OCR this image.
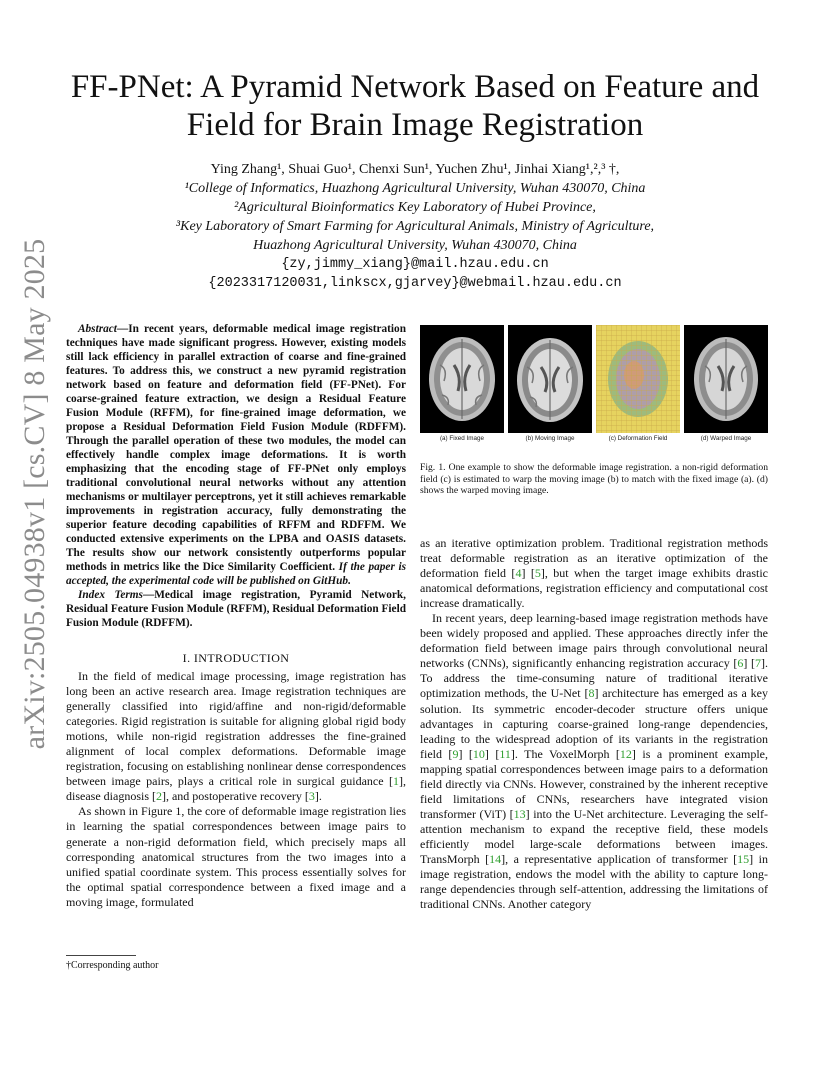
arXiv:2505.04938v1 [cs.CV] 8 May 2025
FF-PNet: A Pyramid Network Based on Feature and Field for Brain Image Registration
Ying Zhang¹, Shuai Guo¹, Chenxi Sun¹, Yuchen Zhu¹, Jinhai Xiang¹,²,³ †,
¹College of Informatics, Huazhong Agricultural University, Wuhan 430070, China
²Agricultural Bioinformatics Key Laboratory of Hubei Province,
³Key Laboratory of Smart Farming for Agricultural Animals, Ministry of Agriculture,
Huazhong Agricultural University, Wuhan 430070, China
{zy,jimmy_xiang}@mail.hzau.edu.cn
{2023317120031,linkscx,gjarvey}@webmail.hzau.edu.cn

Abstract—In recent years, deformable medical image registration techniques have made significant progress. However, existing models still lack efficiency in parallel extraction of coarse and fine-grained features. To address this, we construct a new pyramid registration network based on feature and deformation field (FF-PNet). For coarse-grained feature extraction, we design a Residual Feature Fusion Module (RFFM), for fine-grained image deformation, we propose a Residual Deformation Field Fusion Module (RDFFM). Through the parallel operation of these two modules, the model can effectively handle complex image deformations. It is worth emphasizing that the encoding stage of FF-PNet only employs traditional convolutional neural networks without any attention mechanisms or multilayer perceptrons, yet it still achieves remarkable improvements in registration accuracy, fully demonstrating the superior feature decoding capabilities of RFFM and RDFFM. We conducted extensive experiments on the LPBA and OASIS datasets. The results show our network consistently outperforms popular methods in metrics like the Dice Similarity Coefficient. If the paper is accepted, the experimental code will be published on GitHub.

Index Terms—Medical image registration, Pyramid Network, Residual Feature Fusion Module (RFFM), Residual Deformation Field Fusion Module (RDFFM).

I. INTRODUCTION

In the field of medical image processing, image registration has long been an active research area. Image registration techniques are generally classified into rigid/affine and non-rigid/deformable categories. Rigid registration is suitable for aligning global rigid body motions, while non-rigid registration addresses the fine-grained alignment of local complex deformations. Deformable image registration, focusing on establishing nonlinear dense correspondences between image pairs, plays a critical role in surgical guidance [1], disease diagnosis [2], and postoperative recovery [3].

As shown in Figure 1, the core of deformable image registration lies in learning the spatial correspondences between image pairs to generate a non-rigid deformation field, which precisely maps all corresponding anatomical structures from the two images into a unified spatial coordinate system. This process essentially solves for the optimal spatial correspondence between a fixed image and a moving image, formulated

†Corresponding author
(a) Fixed Image	(b) Moving Image	(c) Deformation Field	(d) Warped Image
Fig. 1. One example to show the deformable image registration. a non-rigid deformation field (c) is estimated to warp the moving image (b) to match with the fixed image (a). (d) shows the warped moving image.

as an iterative optimization problem. Traditional registration methods treat deformable registration as an iterative optimization of the deformation field [4] [5], but when the target image exhibits drastic anatomical deformations, registration efficiency and computational cost increase dramatically.

In recent years, deep learning-based image registration methods have been widely proposed and applied. These approaches directly infer the deformation field between image pairs through convolutional neural networks (CNNs), significantly enhancing registration accuracy [6] [7]. To address the time-consuming nature of traditional iterative optimization methods, the U-Net [8] architecture has emerged as a key solution. Its symmetric encoder-decoder structure offers unique advantages in capturing coarse-grained long-range dependencies, leading to the widespread adoption of its variants in the registration field [9] [10] [11]. The VoxelMorph [12] is a prominent example, mapping spatial correspondences between image pairs to a deformation field directly via CNNs. However, constrained by the inherent receptive field limitations of CNNs, researchers have integrated vision transformer (ViT) [13] into the U-Net architecture. Leveraging the self-attention mechanism to expand the receptive field, these models efficiently model large-scale deformations between images. TransMorph [14], a representative application of transformer [15] in image registration, endows the model with the ability to capture long-range dependencies through self-attention, addressing the limitations of traditional CNNs. Another category
